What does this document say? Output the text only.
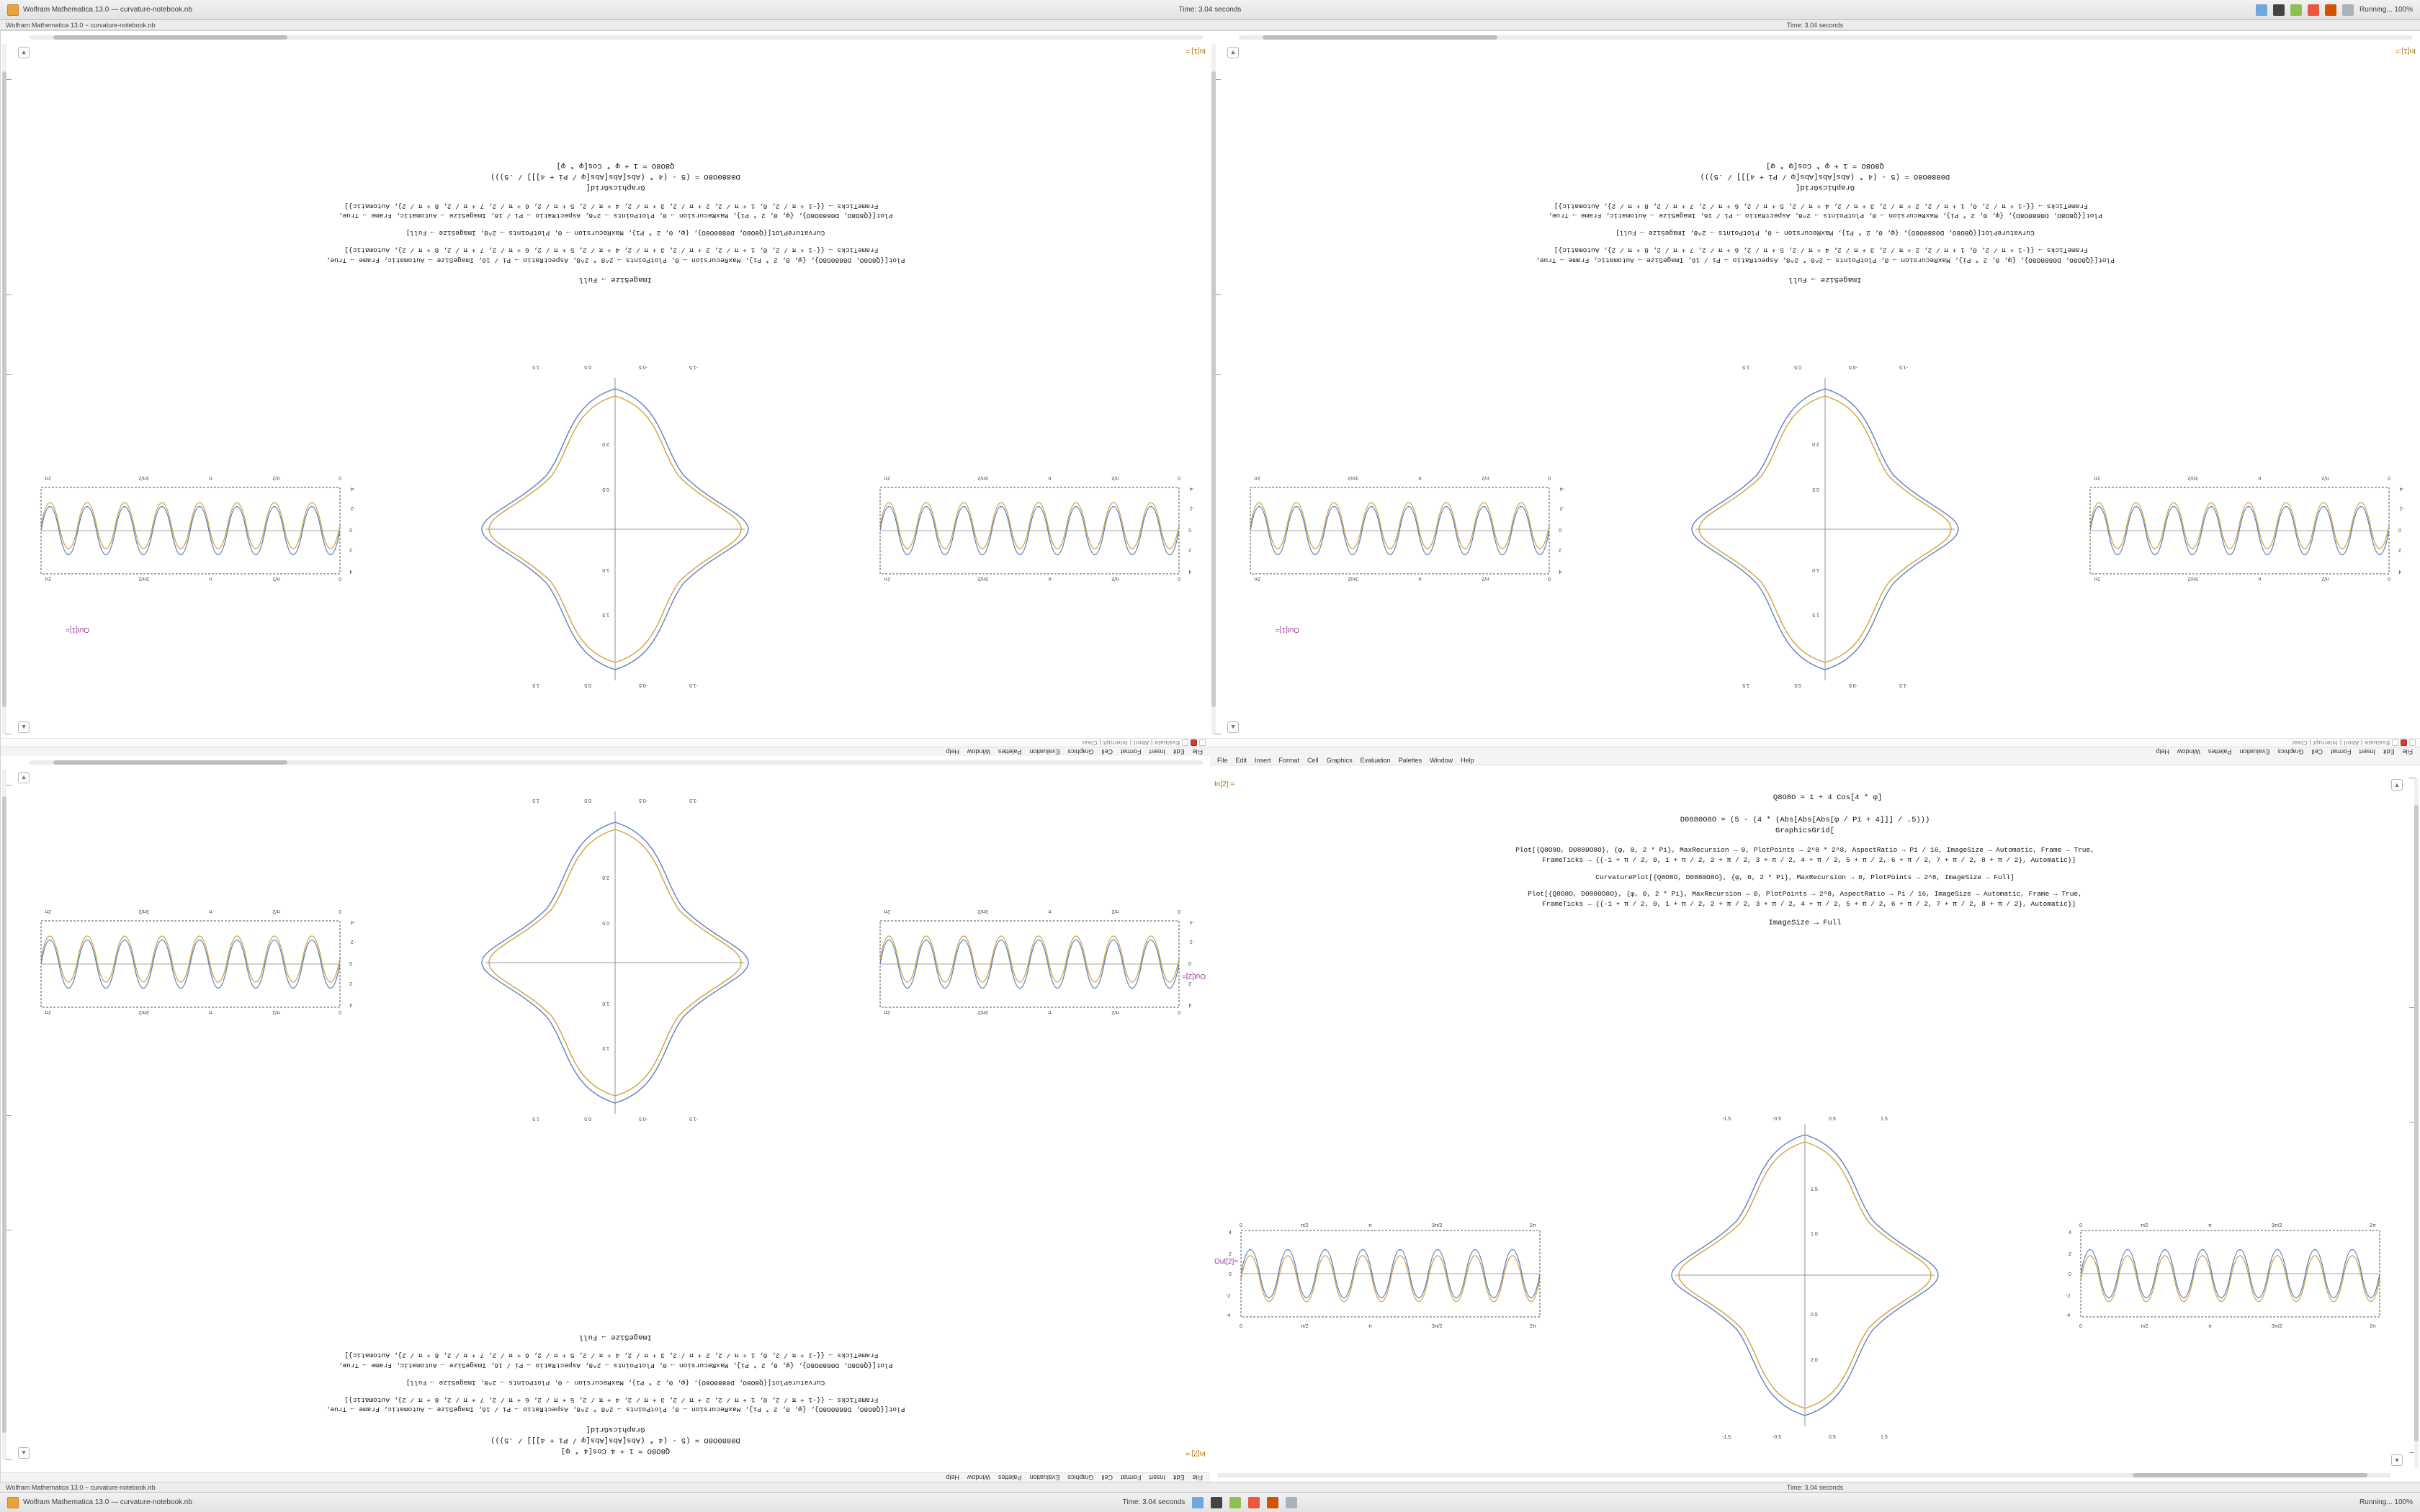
Wolfram Mathematica 13.0 — curvature-notebook.nb	Time: 3.04 seconds	Running... 100%
Wolfram Mathematica 13.0 ~ curvature-notebook.nb	Time: 3.04 seconds
File
Edit
Insert
Format
Cell
Graphics
Evaluation
Palettes
Window
Help
Evaluate | Abort | Interrupt | Clear
0
π/2
π
3π/2
2π
0
π/2
π
3π/2
2π
4
2
0
-2
-4
-1.5
-0.5
0.5
1.5
-1.5
-0.5
0.5
1.5
1.5
1.0
0.5
2.0
0
π/2
π
3π/2
2π
0
π/2
π
3π/2
2π
4
2
0
-2
-4
Out[1]=
ImageSize → Full
Plot[{Q8O8O, D0880O8O}, {φ, 0, 2 * Pi}, MaxRecursion → 0, PlotPoints → 2^8 * 2^8, AspectRatio → Pi / 16, ImageSize → Automatic, Frame → True,
FrameTicks → {{-1 + π / 2, 0, 1 + π / 2, 2 + π / 2, 3 + π / 2, 4 + π / 2, 5 + π / 2, 6 + π / 2, 7 + π / 2, 8 + π / 2}, Automatic}]
CurvaturePlot[{Q8O8O, D0880O8O}, {φ, 0, 2 * Pi}, MaxRecursion → 0, PlotPoints → 2^8, ImageSize → Full]
Plot[{Q8O8O, D0880O8O}, {φ, 0, 2 * Pi}, MaxRecursion → 0, PlotPoints → 2^8, AspectRatio → Pi / 16, ImageSize → Automatic, Frame → True,
FrameTicks → {{-1 + π / 2, 0, 1 + π / 2, 2 + π / 2, 3 + π / 2, 4 + π / 2, 5 + π / 2, 6 + π / 2, 7 + π / 2, 8 + π / 2}, Automatic}]
GraphicsGrid[
D0880O8O = (5 - (4 * (Abs[Abs[Abs[φ / Pi + 4]]] / .5)))
Q8O8O = 1 + φ * Cos[φ * φ]
In[1]:=
▲
▼
File
Edit
Insert
Format
Cell
Graphics
Evaluation
Palettes
Window
Help
Evaluate | Abort | Interrupt | Clear
0
π/2
π
3π/2
2π
0
π/2
π
3π/2
2π
4
2
0
-2
-4
-1.5
-0.5
0.5
1.5
-1.5
-0.5
0.5
1.5
1.5
1.0
0.5
2.0
0
π/2
π
3π/2
2π
0
π/2
π
3π/2
2π
4
2
0
-2
-4
Out[1]=
ImageSize → Full
Plot[{Q8O8O, D0880O8O}, {φ, 0, 2 * Pi}, MaxRecursion → 0, PlotPoints → 2^8 * 2^8, AspectRatio → Pi / 16, ImageSize → Automatic, Frame → True,
FrameTicks → {{-1 + π / 2, 0, 1 + π / 2, 2 + π / 2, 3 + π / 2, 4 + π / 2, 5 + π / 2, 6 + π / 2, 7 + π / 2, 8 + π / 2}, Automatic}]
CurvaturePlot[{Q8O8O, D0880O8O}, {φ, 0, 2 * Pi}, MaxRecursion → 0, PlotPoints → 2^8, ImageSize → Full]
Plot[{Q8O8O, D0880O8O}, {φ, 0, 2 * Pi}, MaxRecursion → 0, PlotPoints → 2^8, AspectRatio → Pi / 16, ImageSize → Automatic, Frame → True,
FrameTicks → {{-1 + π / 2, 0, 1 + π / 2, 2 + π / 2, 3 + π / 2, 4 + π / 2, 5 + π / 2, 6 + π / 2, 7 + π / 2, 8 + π / 2}, Automatic}]
GraphicsGrid[
D0880O8O = (5 - (4 * (Abs[Abs[Abs[φ / Pi + 4]]] / .5)))
Q8O8O = 1 + φ * Cos[φ * φ]
In[1]:=
▲
▼
File
Edit
Insert
Format
Cell
Graphics
Evaluation
Palettes
Window
Help
Q8O8O = 1 + 4 Cos[4 * φ]
D0880O8O = (5 - (4 * (Abs[Abs[Abs[φ / Pi + 4]]] / .5)))
GraphicsGrid[
Plot[{Q8O8O, D0880O8O}, {φ, 0, 2 * Pi}, MaxRecursion → 0, PlotPoints → 2^8 * 2^8, AspectRatio → Pi / 16, ImageSize → Automatic, Frame → True,
FrameTicks → {{-1 + π / 2, 0, 1 + π / 2, 2 + π / 2, 3 + π / 2, 4 + π / 2, 5 + π / 2, 6 + π / 2, 7 + π / 2, 8 + π / 2}, Automatic}]
CurvaturePlot[{Q8O8O, D0880O8O}, {φ, 0, 2 * Pi}, MaxRecursion → 0, PlotPoints → 2^8, ImageSize → Full]
Plot[{Q8O8O, D0880O8O}, {φ, 0, 2 * Pi}, MaxRecursion → 0, PlotPoints → 2^8, AspectRatio → Pi / 16, ImageSize → Automatic, Frame → True,
FrameTicks → {{-1 + π / 2, 0, 1 + π / 2, 2 + π / 2, 3 + π / 2, 4 + π / 2, 5 + π / 2, 6 + π / 2, 7 + π / 2, 8 + π / 2}, Automatic}]
ImageSize → Full
In[2]:=
Out[2]=
0
π/2
π
3π/2
2π
0
π/2
π
3π/2
2π
4
2
0
-2
-4
-1.5
-0.5
0.5
1.5
-1.5
-0.5
0.5
1.5
1.5
1.0
0.5
2.0
0
π/2
π
3π/2
2π
0
π/2
π
3π/2
2π
4
2
0
-2
-4
▲
▼
File Edit Insert Format Cell Graphics Evaluation Palettes Window Help

Q8O8O = 1 + 4 Cos[4 * φ]

D0880O8O = (5 - (4 * (Abs[Abs[Abs[φ / Pi + 4]]] / .5)))
GraphicsGrid[
Plot[{Q8O8O, D0880O8O}, {φ, 0, 2 * Pi}, MaxRecursion → 0, PlotPoints → 2^8 * 2^8, AspectRatio → Pi / 16, ImageSize → Automatic, Frame → True,
FrameTicks → {{-1 + π / 2, 0, 1 + π / 2, 2 + π / 2, 3 + π / 2, 4 + π / 2, 5 + π / 2, 6 + π / 2, 7 + π / 2, 8 + π / 2}, Automatic}]
CurvaturePlot[{Q8O8O, D0880O8O}, {φ, 0, 2 * Pi}, MaxRecursion → 0, PlotPoints → 2^8, ImageSize → Full]
Plot[{Q8O8O, D0880O8O}, {φ, 0, 2 * Pi}, MaxRecursion → 0, PlotPoints → 2^8, AspectRatio → Pi / 16, ImageSize → Automatic, Frame → True,
FrameTicks → {{-1 + π / 2, 0, 1 + π / 2, 2 + π / 2, 3 + π / 2, 4 + π / 2, 5 + π / 2, 6 + π / 2, 7 + π / 2, 8 + π / 2}, Automatic}]
ImageSize → Full
In[2]:=
Out[2]=
0	π/2	π	3π/2	2π
0	π/2	π	3π/2	2π
4
2
0
-2
-4
-1.5	-0.5	0.5	1.5
-1.5	-0.5	0.5	1.5
1.5
1.0
0.5
2.0
0	π/2	π	3π/2	2π
0	π/2	π	3π/2	2π
4
2
0
-2
-4
▲
▼
Wolfram Mathematica 13.0 ~ curvature-notebook.nb	Time: 3.04 seconds
Wolfram Mathematica 13.0 — curvature-notebook.nb	Time: 3.04 seconds	Running... 100%
